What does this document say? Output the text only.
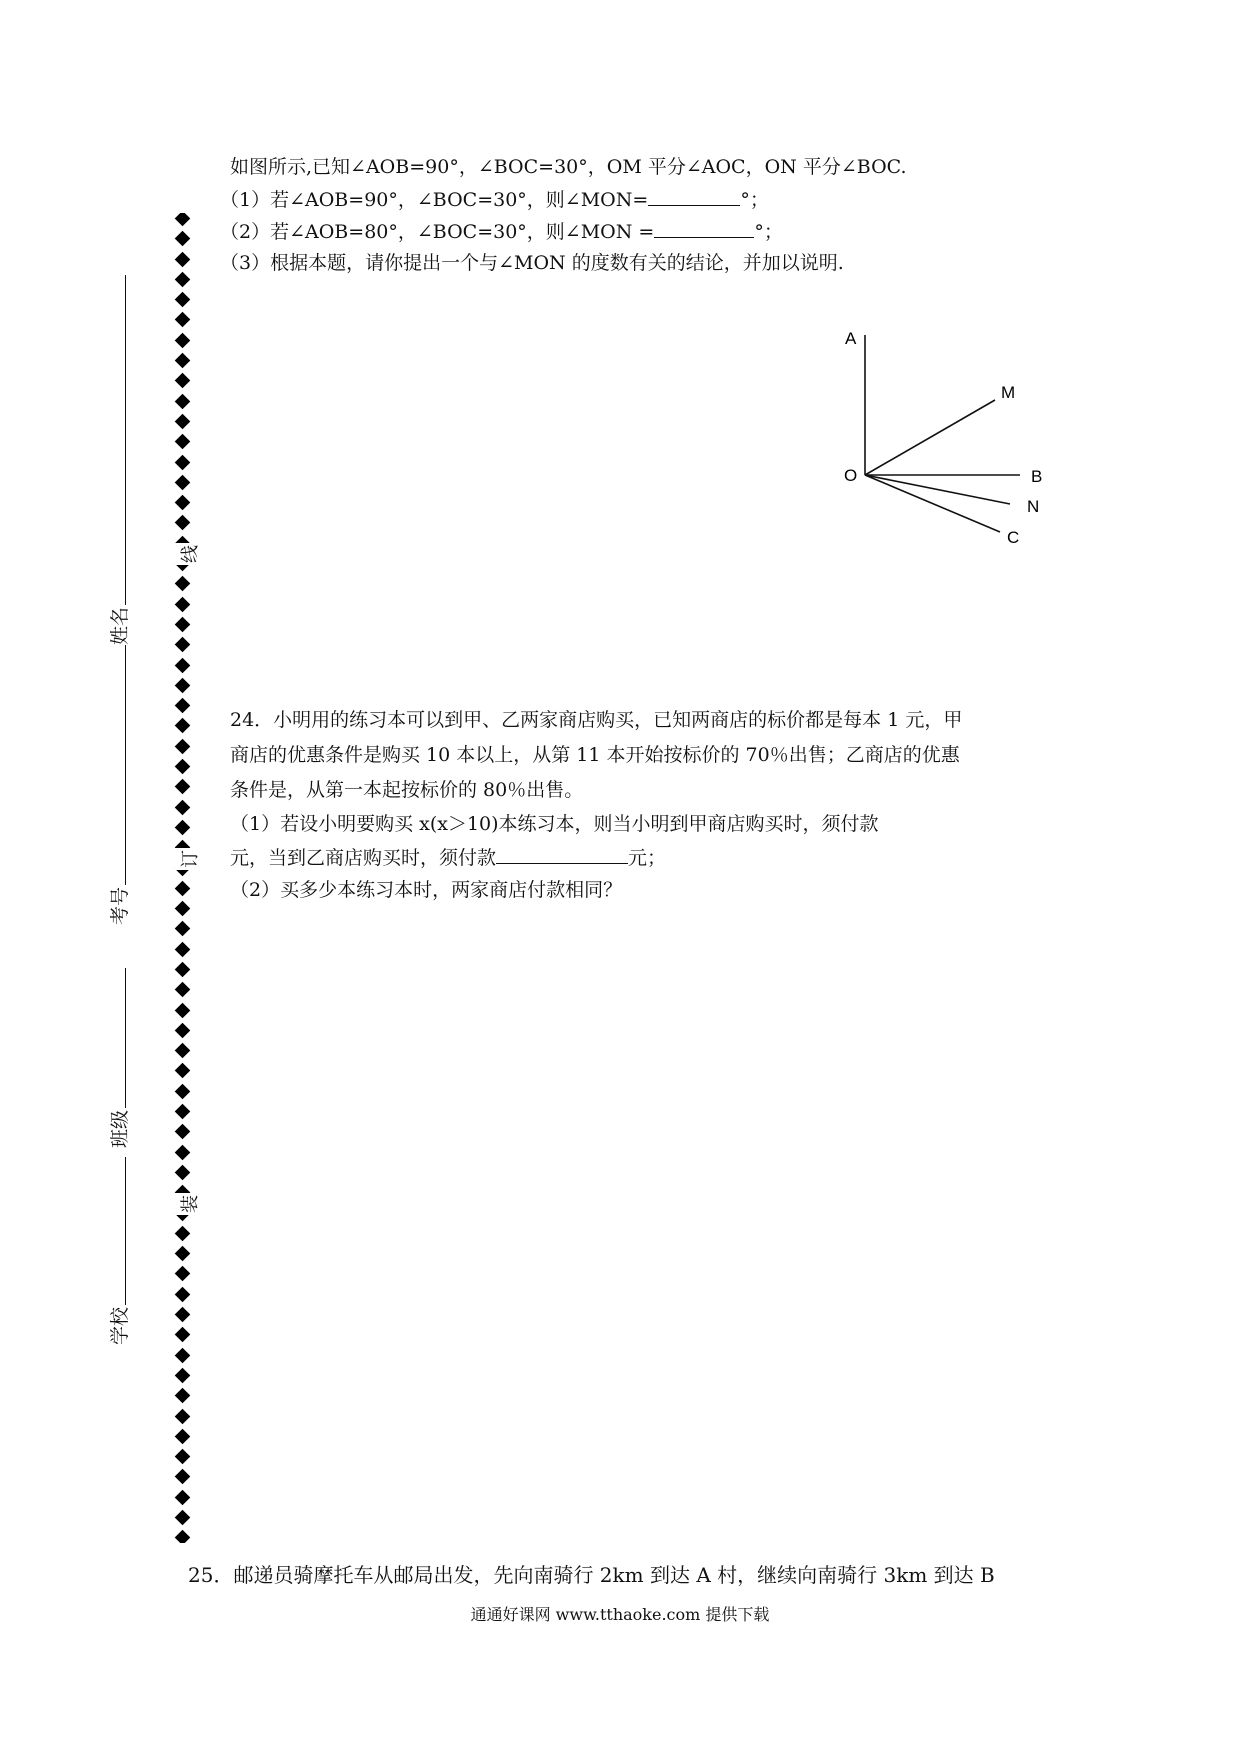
如图所示,已知∠AOB=90°，∠BOC=30°，OM 平分∠AOC，ON 平分∠BOC.
（1）若∠AOB=90°，∠BOC=30°，则∠MON=	°；
（2）若∠AOB=80°，∠BOC=30°，则∠MON =	°；
（3）根据本题，请你提出一个与∠MON 的度数有关的结论，并加以说明.
A
M
O	B
N
C
24．小明用的练习本可以到甲、乙两家商店购买，已知两商店的标价都是每本 1 元，甲
商店的优惠条件是购买 10 本以上，从第 11 本开始按标价的 70％出售；乙商店的优惠
条件是，从第一本起按标价的 80％出售。
（1）若设小明要购买 x(x＞10)本练习本，则当小明到甲商店购买时，须付款
元，当到乙商店购买时，须付款	元；
（2）买多少本练习本时，两家商店付款相同？
25．邮递员骑摩托车从邮局出发，先向南骑行 2km 到达 A 村，继续向南骑行 3km 到达 B
线
订
装
姓名
考号
班级
学校
通通好课网 www.tthaoke.com 提供下载
